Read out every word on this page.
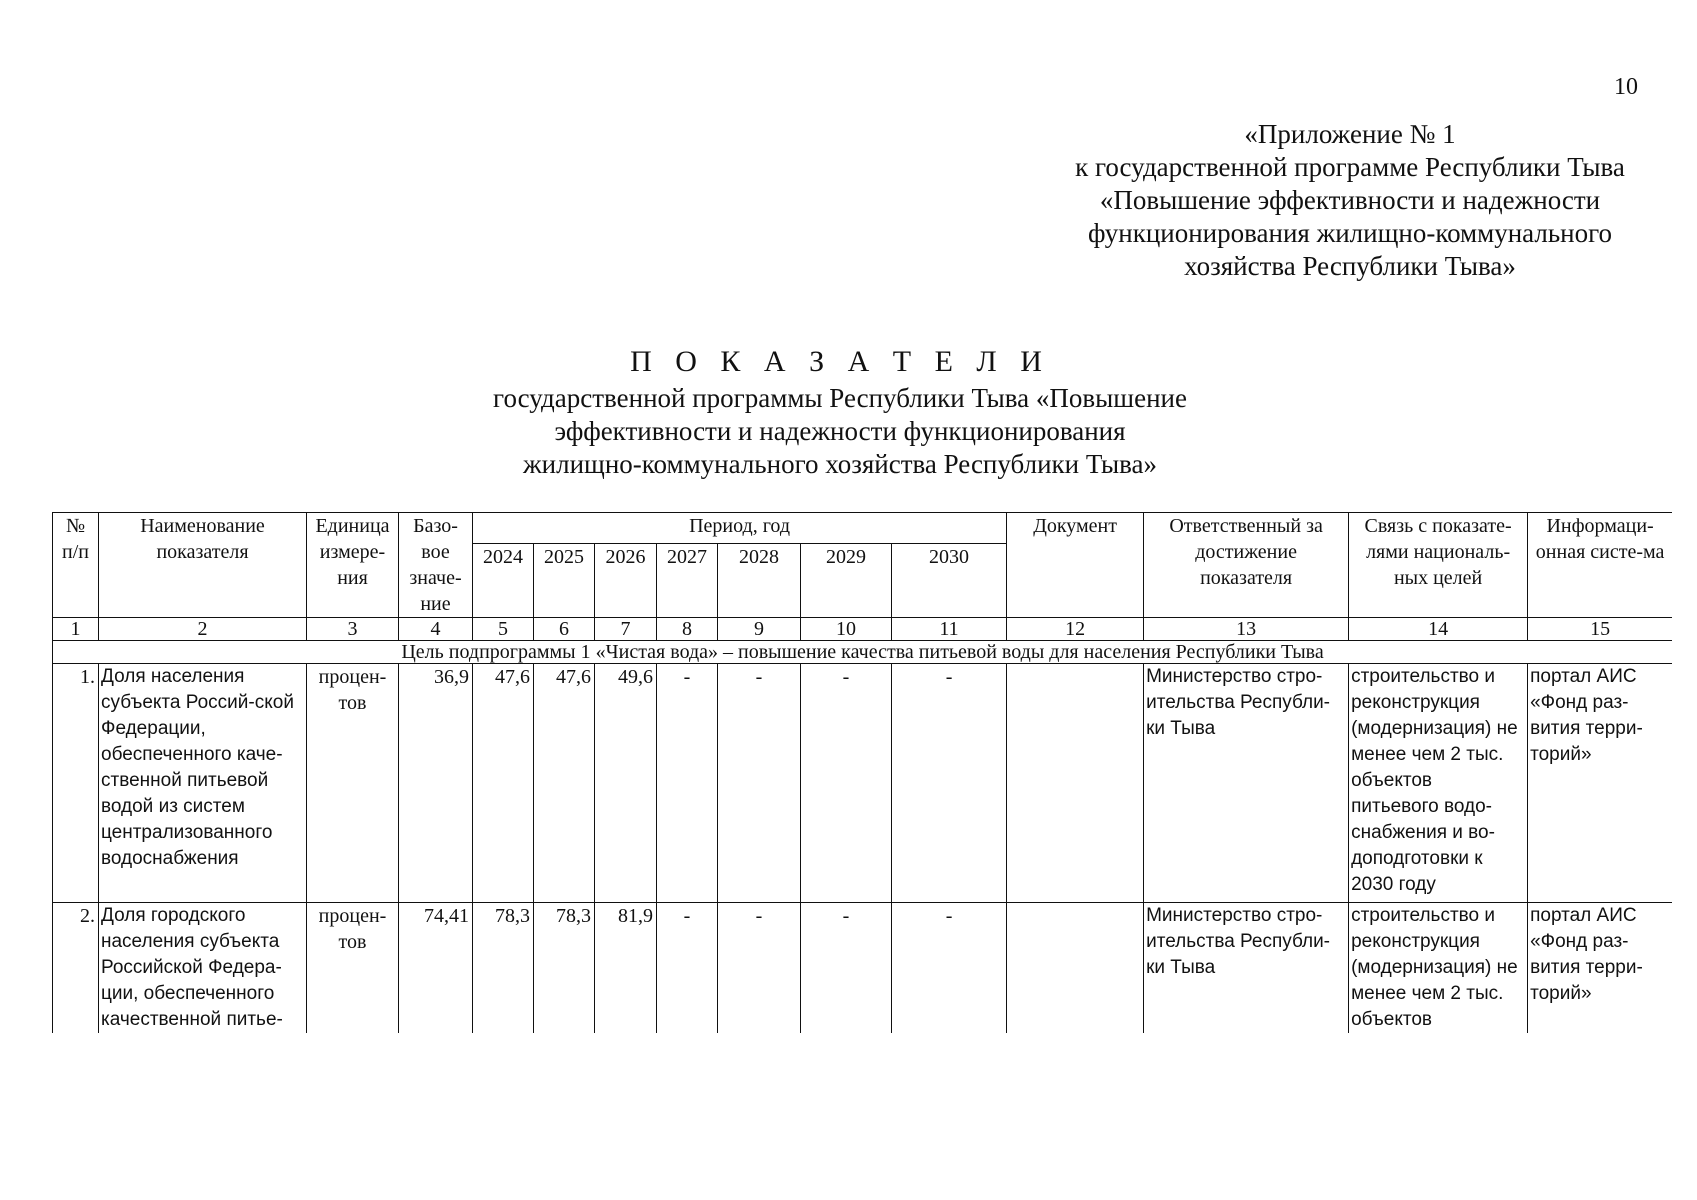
10
«Приложение № 1
к государственной программе Республики Тыва
«Повышение эффективности и надежности
функционирования жилищно-коммунального
хозяйства Республики Тыва»
П О К А З А Т Е Л И
государственной программы Республики Тыва «Повышение
эффективности и надежности функционирования
жилищно-коммунального хозяйства Республики Тыва»
№ п/п	Наименование показателя	Единица измере-ния	Базо-вое значе-ние	Период, год							Документ	Ответственный за достижение показателя	Связь с показате-лями националь-ных целей	Информаци-онная систе-ма
				2024	2025	2026	2027	2028	2029	2030				
1	2	3	4	5	6	7	8	9	10	11	12	13	14	15
Цель подпрограммы 1 «Чистая вода» – повышение качества питьевой воды для населения Республики Тыва														
1.	Доля населения субъекта Россий-ской Федерации, обеспеченного каче-ственной питьевой водой из систем централизованного водоснабжения	процен-тов	36,9	47,6	47,6	49,6	-	-	-	-		Министерство стро-ительства Республи-ки Тыва	строительство и реконструкция (модернизация) не менее чем 2 тыс. объектов питьевого водо-снабжения и во-доподготовки к 2030 году	портал АИС «Фонд раз-вития терри-торий»
2.	Доля городского населения субъекта Российской Федера-ции, обеспеченного качественной питье-	процен-тов	74,41	78,3	78,3	81,9	-	-	-	-		Министерство стро-ительства Республи-ки Тыва	строительство и реконструкция (модернизация) не менее чем 2 тыс. объектов	портал АИС «Фонд раз-вития терри-торий»
